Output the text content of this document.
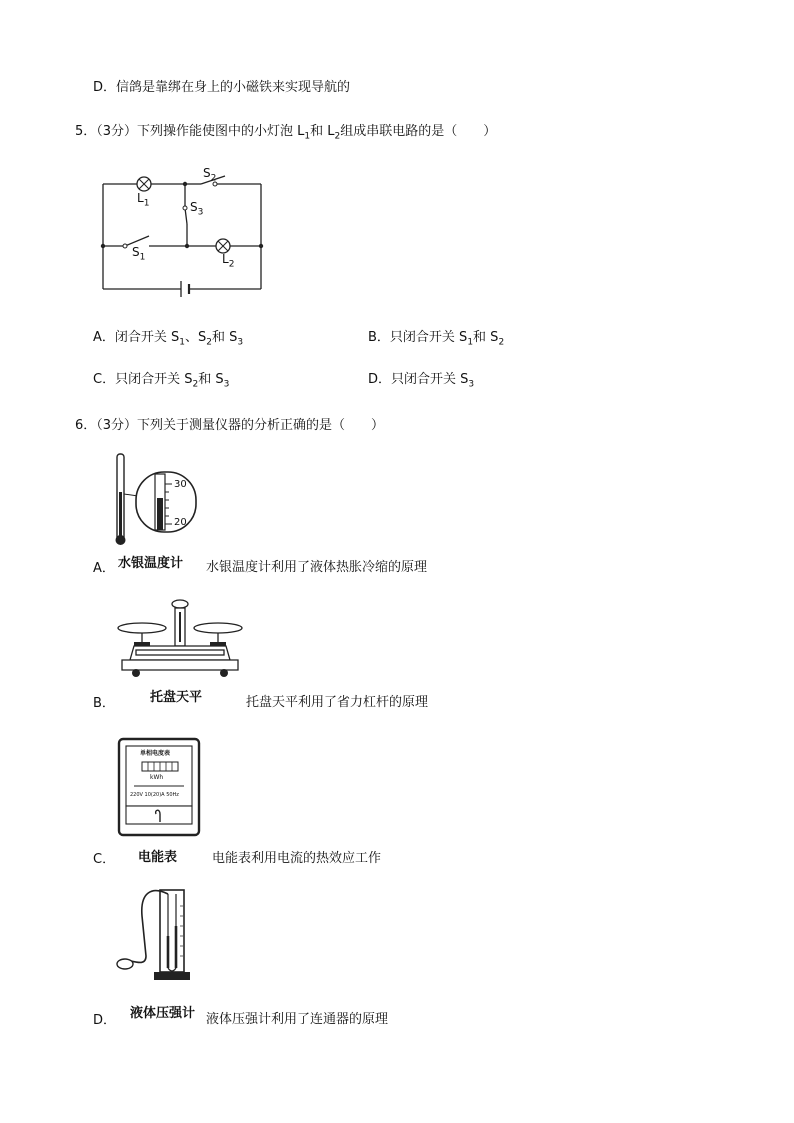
D．信鸽是靠绑在身上的小磁铁来实现导航的
5．（3分）下列操作能使图中的小灯泡 $L_1$和 $L_2$组成串联电路的是（　　）
$S_2$
$L_1$	$S_3$
$S_1$	$L_2$
A．闭合开关 $S_1$、$S_2$和 $S_3$	B．只闭合开关 $S_1$和 $S_2$
C．只闭合开关 $S_2$和 $S_3$	D．只闭合开关 $S_3$
6．（3分）下列关于测量仪器的分析正确的是（　　）
30
20
水银温度计
A．	水银温度计利用了液体热胀冷缩的原理
托盘天平
B．	托盘天平利用了省力杠杆的原理
单相电度表
kWh
220V 10(20)A 50Hz
电能表
C．	电能表利用电流的热效应工作
液体压强计
D．	液体压强计利用了连通器的原理
